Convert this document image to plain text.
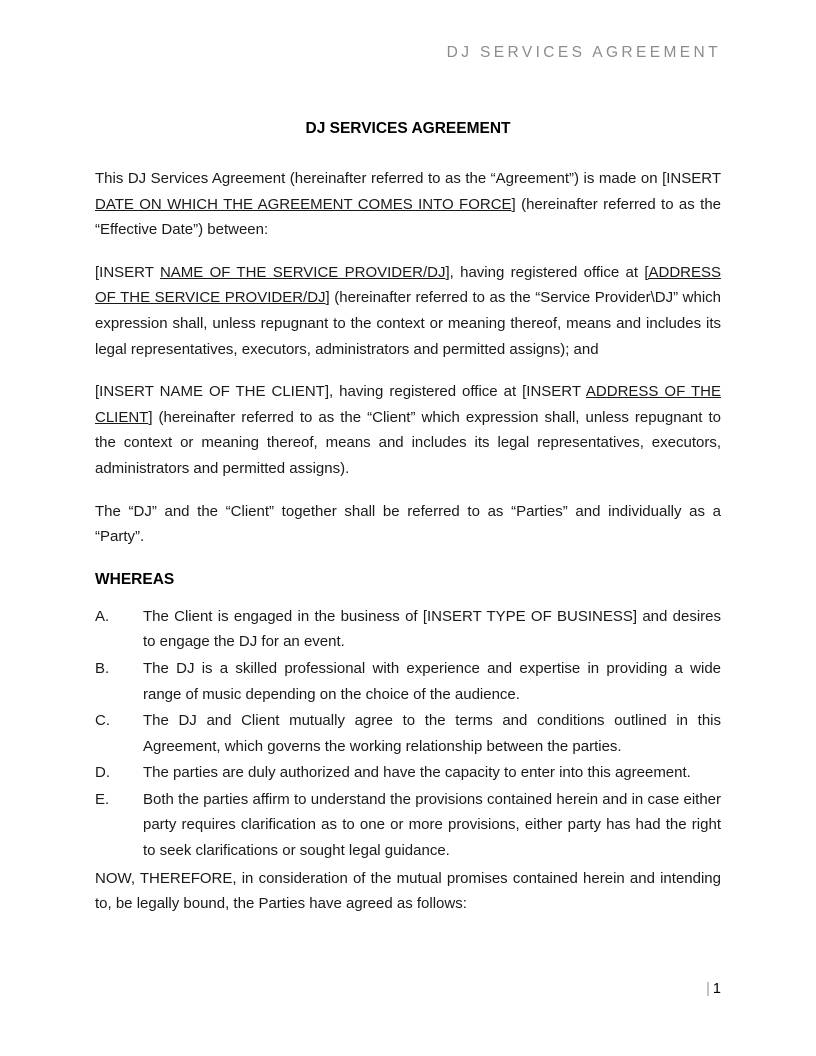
DJ SERVICES AGREEMENT
DJ SERVICES AGREEMENT

This DJ Services Agreement (hereinafter referred to as the “Agreement”) is made on [INSERT DATE ON WHICH THE AGREEMENT COMES INTO FORCE] (hereinafter referred to as the “Effective Date”) between:

[INSERT NAME OF THE SERVICE PROVIDER/DJ], having registered office at [ADDRESS OF THE SERVICE PROVIDER/DJ] (hereinafter referred to as the “Service Provider\DJ” which expression shall, unless repugnant to the context or meaning thereof, means and includes its legal representatives, executors, administrators and permitted assigns); and

[INSERT NAME OF THE CLIENT], having registered office at [INSERT ADDRESS OF THE CLIENT] (hereinafter referred to as the “Client” which expression shall, unless repugnant to the context or meaning thereof, means and includes its legal representatives, executors, administrators and permitted assigns).

The “DJ” and the “Client” together shall be referred to as “Parties” and individually as a “Party”.

WHEREAS
A.	The Client is engaged in the business of [INSERT TYPE OF BUSINESS] and desires to engage the DJ for an event.
B.	The DJ is a skilled professional with experience and expertise in providing a wide range of music depending on the choice of the audience.
C.	The DJ and Client mutually agree to the terms and conditions outlined in this Agreement, which governs the working relationship between the parties.
D.	The parties are duly authorized and have the capacity to enter into this agreement.
E.	Both the parties affirm to understand the provisions contained herein and in case either party requires clarification as to one or more provisions, either party has had the right to seek clarifications or sought legal guidance.

NOW, THEREFORE, in consideration of the mutual promises contained herein and intending to, be legally bound, the Parties have agreed as follows:

| 1
